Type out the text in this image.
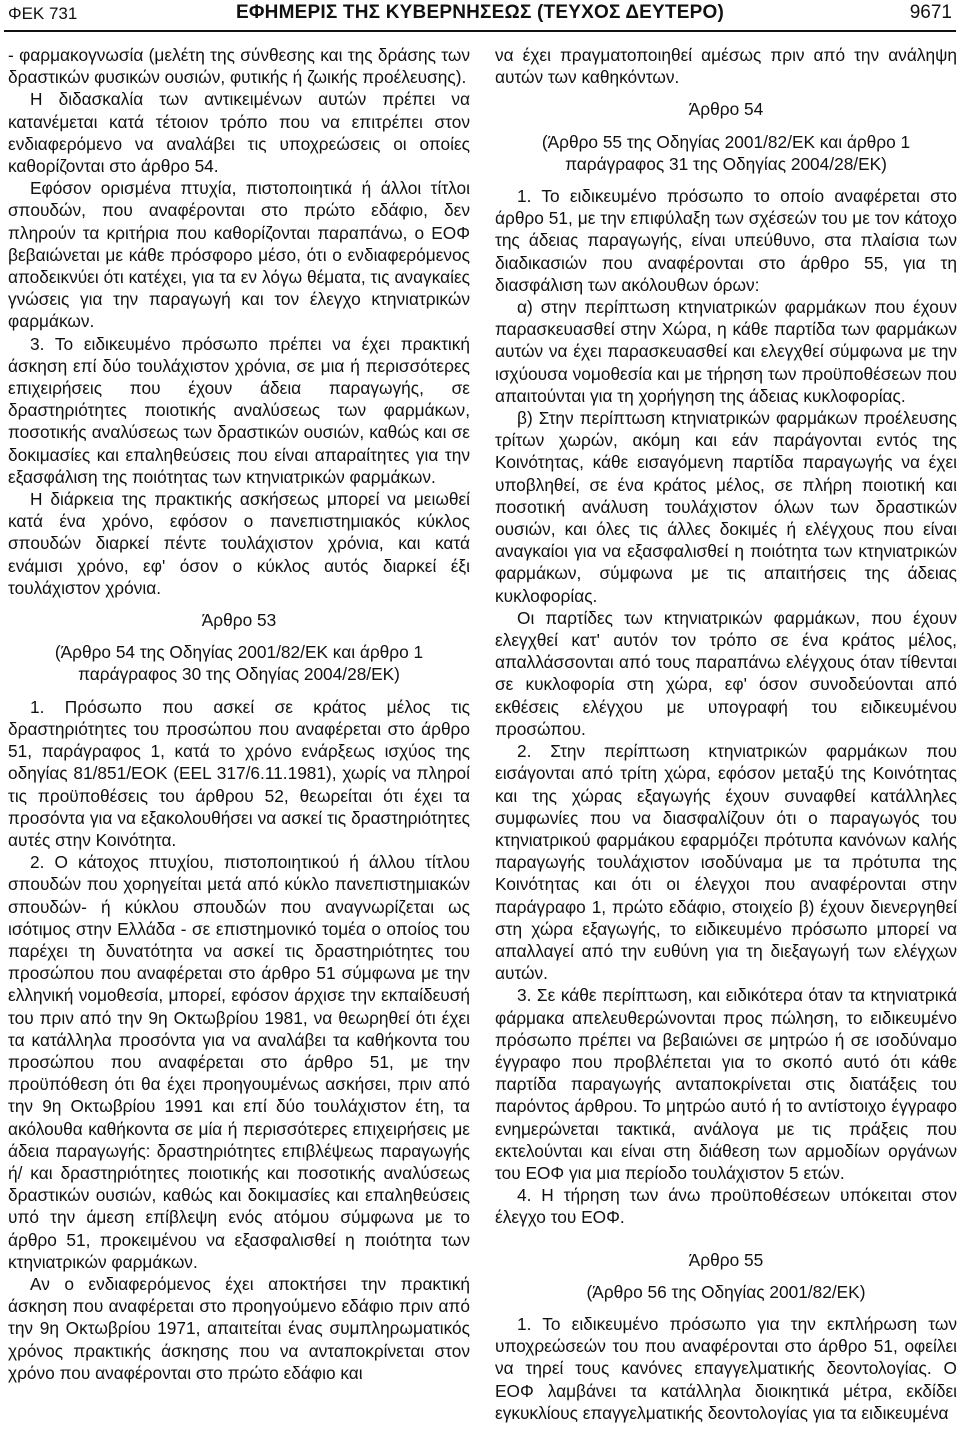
ΦΕΚ 731	ΕΦΗΜΕΡΙΣ ΤΗΣ ΚΥΒΕΡΝΗΣΕΩΣ (ΤΕΥΧΟΣ ΔΕΥΤΕΡΟ)	9671

- φαρμακογνωσία (μελέτη της σύνθεσης και της δράσης των δραστικών φυσικών ουσιών, φυτικής ή ζωικής προέλευσης).

Η διδασκαλία των αντικειμένων αυτών πρέπει να κατανέμεται κατά τέτοιον τρόπο που να επιτρέπει στον ενδιαφερόμενο να αναλάβει τις υποχρεώσεις οι οποίες καθορίζονται στο άρθρο 54.

Εφόσον ορισμένα πτυχία, πιστοποιητικά ή άλλοι τίτλοι σπουδών, που αναφέρονται στο πρώτο εδάφιο, δεν πληρούν τα κριτήρια που καθορίζονται παραπάνω, ο ΕΟΦ βεβαιώνεται με κάθε πρόσφορο μέσο, ότι ο ενδιαφερόμενος αποδεικνύει ότι κατέχει, για τα εν λόγω θέματα, τις αναγκαίες γνώσεις για την παραγωγή και τον έλεγχο κτηνιατρικών φαρμάκων.

3. Το ειδικευμένο πρόσωπο πρέπει να έχει πρακτική άσκηση επί δύο τουλάχιστον χρόνια, σε μια ή περισσότερες επιχειρήσεις που έχουν άδεια παραγωγής, σε δραστηριότητες ποιοτικής αναλύσεως των φαρμάκων, ποσοτικής αναλύσεως των δραστικών ουσιών, καθώς και σε δοκιμασίες και επαληθεύσεις που είναι απαραίτητες για την εξασφάλιση της ποιότητας των κτηνιατρικών φαρμάκων.

Η διάρκεια της πρακτικής ασκήσεως μπορεί να μειωθεί κατά ένα χρόνο, εφόσον ο πανεπιστημιακός κύκλος σπουδών διαρκεί πέντε τουλάχιστον χρόνια, και κατά ενάμισι χρόνο, εφ' όσον ο κύκλος αυτός διαρκεί έξι τουλάχιστον χρόνια.

Άρθρο 53
(Άρθρο 54 της Οδηγίας 2001/82/ΕΚ και άρθρο 1 παράγραφος 30 της Οδηγίας 2004/28/ΕΚ)

1. Πρόσωπο που ασκεί σε κράτος μέλος τις δραστηριότητες του προσώπου που αναφέρεται στο άρθρο 51, παράγραφος 1, κατά το χρόνο ενάρξεως ισχύος της οδηγίας 81/851/ΕΟΚ (ΕΕL 317/6.11.1981), χωρίς να πληροί τις προϋποθέσεις του άρθρου 52, θεωρείται ότι έχει τα προσόντα για να εξακολουθήσει να ασκεί τις δραστηριότητες αυτές στην Κοινότητα.

2. Ο κάτοχος πτυχίου, πιστοποιητικού ή άλλου τίτλου σπουδών που χορηγείται μετά από κύκλο πανεπιστημιακών σπουδών- ή κύκλου σπουδών που αναγνωρίζεται ως ισότιμος στην Ελλάδα - σε επιστημονικό τομέα ο οποίος του παρέχει τη δυνατότητα να ασκεί τις δραστηριότητες του προσώπου που αναφέρεται στο άρθρο 51 σύμφωνα με την ελληνική νομοθεσία, μπορεί, εφόσον άρχισε την εκπαίδευσή του πριν από την 9η Οκτωβρίου 1981, να θεωρηθεί ότι έχει τα κατάλληλα προσόντα για να αναλάβει τα καθήκοντα του προσώπου που αναφέρεται στο άρθρο 51, με την προϋπόθεση ότι θα έχει προηγουμένως ασκήσει, πριν από την 9η Οκτωβρίου 1991 και επί δύο τουλάχιστον έτη, τα ακόλουθα καθήκοντα σε μία ή περισσότερες επιχειρήσεις με άδεια παραγωγής: δραστηριότητες επιβλέψεως παραγωγής ή/ και δραστηριότητες ποιοτικής και ποσοτικής αναλύσεως δραστικών ουσιών, καθώς και δοκιμασίες και επαληθεύσεις υπό την άμεση επίβλεψη ενός ατόμου σύμφωνα με το άρθρο 51, προκειμένου να εξασφαλισθεί η ποιότητα των κτηνιατρικών φαρμάκων.

Αν ο ενδιαφερόμενος έχει αποκτήσει την πρακτική άσκηση που αναφέρεται στο προηγούμενο εδάφιο πριν από την 9η Οκτωβρίου 1971, απαιτείται ένας συμπληρωματικός χρόνος πρακτικής άσκησης που να ανταποκρίνεται στον χρόνο που αναφέρονται στο πρώτο εδάφιο και

να έχει πραγματοποιηθεί αμέσως πριν από την ανάληψη αυτών των καθηκόντων.

Άρθρο 54
(Άρθρο 55 της Οδηγίας 2001/82/ΕΚ και άρθρο 1 παράγραφος 31 της Οδηγίας 2004/28/ΕΚ)

1. Το ειδικευμένο πρόσωπο το οποίο αναφέρεται στο άρθρο 51, με την επιφύλαξη των σχέσεών του με τον κάτοχο της άδειας παραγωγής, είναι υπεύθυνο, στα πλαίσια των διαδικασιών που αναφέρονται στο άρθρο 55, για τη διασφάλιση των ακόλουθων όρων:

α) στην περίπτωση κτηνιατρικών φαρμάκων που έχουν παρασκευασθεί στην Χώρα, η κάθε παρτίδα των φαρμάκων αυτών να έχει παρασκευασθεί και ελεγχθεί σύμφωνα με την ισχύουσα νομοθεσία και με τήρηση των προϋποθέσεων που απαιτούνται για τη χορήγηση της άδειας κυκλοφορίας.

β) Στην περίπτωση κτηνιατρικών φαρμάκων προέλευσης τρίτων χωρών, ακόμη και εάν παράγονται εντός της Κοινότητας, κάθε εισαγόμενη παρτίδα παραγωγής να έχει υποβληθεί, σε ένα κράτος μέλος, σε πλήρη ποιοτική και ποσοτική ανάλυση τουλάχιστον όλων των δραστικών ουσιών, και όλες τις άλλες δοκιμές ή ελέγχους που είναι αναγκαίοι για να εξασφαλισθεί η ποιότητα των κτηνιατρικών φαρμάκων, σύμφωνα με τις απαιτήσεις της άδειας κυκλοφορίας.

Οι παρτίδες των κτηνιατρικών φαρμάκων, που έχουν ελεγχθεί κατ' αυτόν τον τρόπο σε ένα κράτος μέλος, απαλλάσσονται από τους παραπάνω ελέγχους όταν τίθενται σε κυκλοφορία στη χώρα, εφ' όσον συνοδεύονται από εκθέσεις ελέγχου με υπογραφή του ειδικευμένου προσώπου.

2. Στην περίπτωση κτηνιατρικών φαρμάκων που εισάγονται από τρίτη χώρα, εφόσον μεταξύ της Κοινότητας και της χώρας εξαγωγής έχουν συναφθεί κατάλληλες συμφωνίες που να διασφαλίζουν ότι ο παραγωγός του κτηνιατρικού φαρμάκου εφαρμόζει πρότυπα κανόνων καλής παραγωγής τουλάχιστον ισοδύναμα με τα πρότυπα της Κοινότητας και ότι οι έλεγχοι που αναφέρονται στην παράγραφο 1, πρώτο εδάφιο, στοιχείο β) έχουν διενεργηθεί στη χώρα εξαγωγής, το ειδικευμένο πρόσωπο μπορεί να απαλλαγεί από την ευθύνη για τη διεξαγωγή των ελέγχων αυτών.

3. Σε κάθε περίπτωση, και ειδικότερα όταν τα κτηνιατρικά φάρμακα απελευθερώνονται προς πώληση, το ειδικευμένο πρόσωπο πρέπει να βεβαιώνει σε μητρώο ή σε ισοδύναμο έγγραφο που προβλέπεται για το σκοπό αυτό ότι κάθε παρτίδα παραγωγής ανταποκρίνεται στις διατάξεις του παρόντος άρθρου. Το μητρώο αυτό ή το αντίστοιχο έγγραφο ενημερώνεται τακτικά, ανάλογα με τις πράξεις που εκτελούνται και είναι στη διάθεση των αρμοδίων οργάνων του ΕΟΦ για μια περίοδο τουλάχιστον 5 ετών.

4. Η τήρηση των άνω προϋποθέσεων υπόκειται στον έλεγχο του ΕΟΦ.

Άρθρο 55
(Άρθρο 56 της Οδηγίας 2001/82/ΕΚ)

1. Το ειδικευμένο πρόσωπο για την εκπλήρωση των υποχρεώσεών του που αναφέρονται στο άρθρο 51, οφείλει να τηρεί τους κανόνες επαγγελματικής δεοντολογίας. Ο ΕΟΦ λαμβάνει τα κατάλληλα διοικητικά μέτρα, εκδίδει εγκυκλίους επαγγελματικής δεοντολογίας για τα ειδικευμένα
